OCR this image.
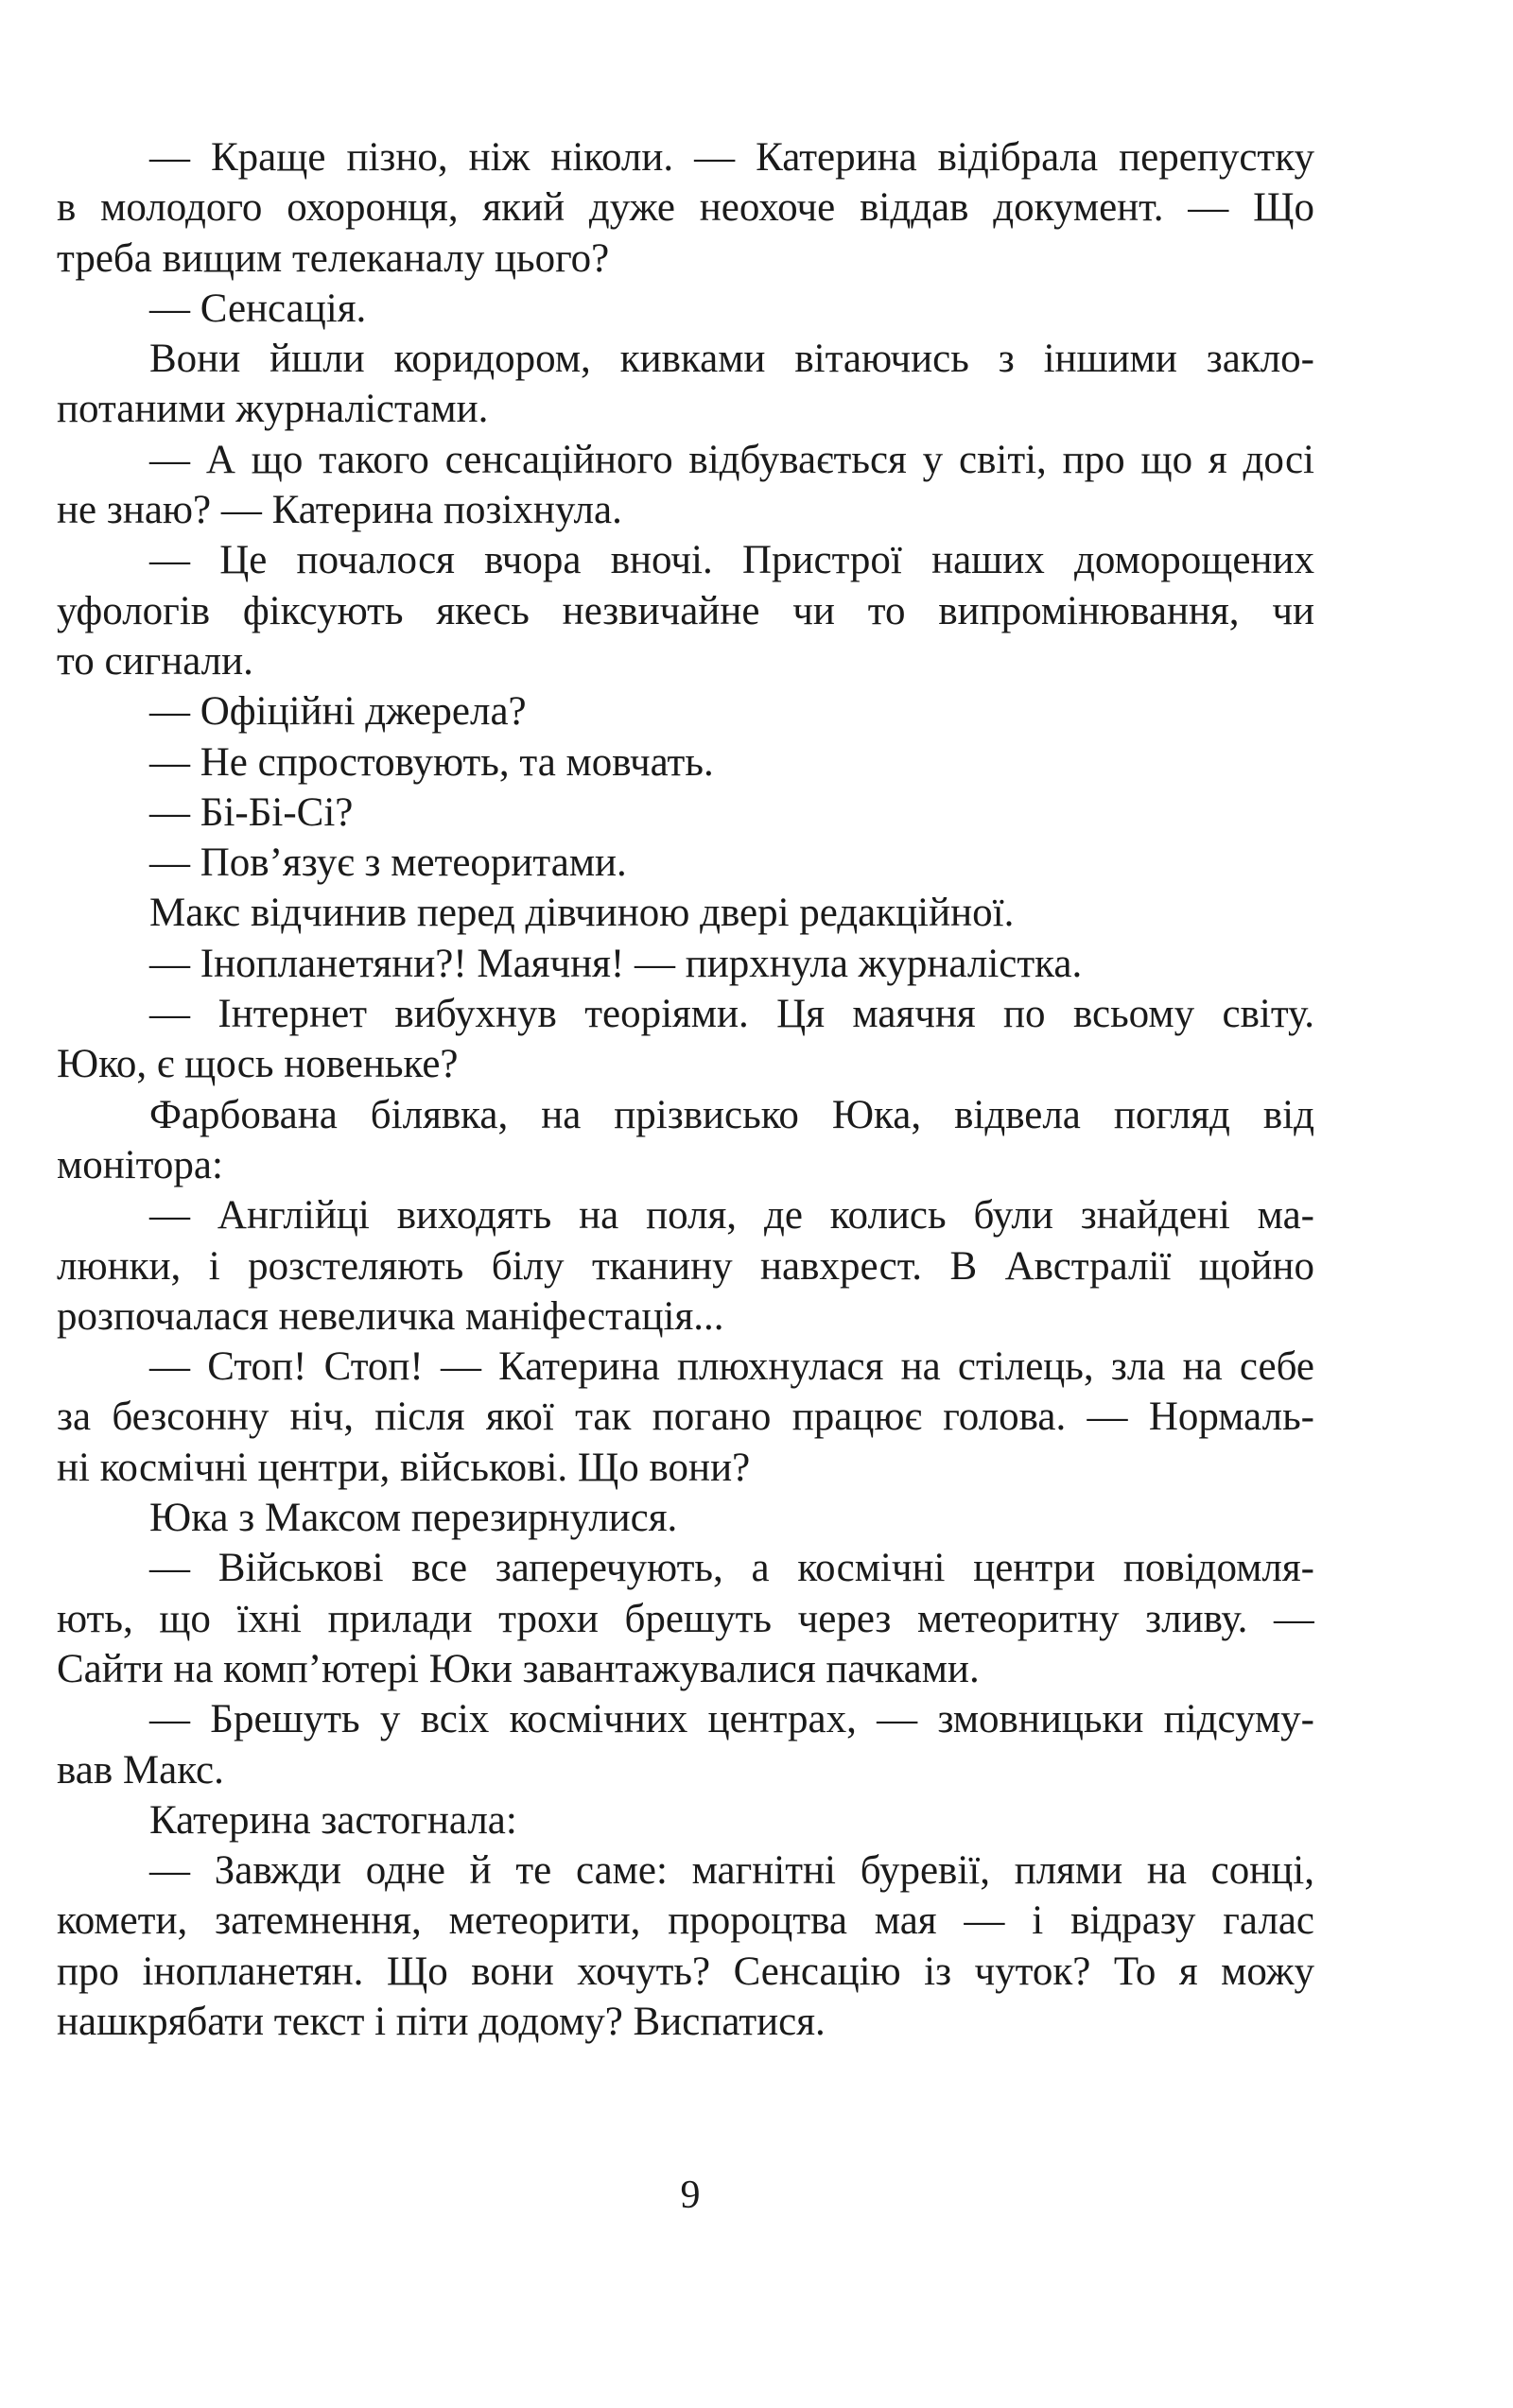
— Краще пізно, ніж ніколи. — Катерина відібрала перепустку
в молодого охоронця, який дуже неохоче віддав документ. — Що
треба вищим телеканалу цього?
— Сенсація.
Вони йшли коридором, кивками вітаючись з іншими закло-
потаними журналістами.
— А що такого сенсаційного відбувається у світі, про що я досі
не знаю? — Катерина позіхнула.
— Це почалося вчора вночі. Пристрої наших доморощених
уфологів фіксують якесь незвичайне чи то випромінювання, чи
то сигнали.
— Офіційні джерела?
— Не спростовують, та мовчать.
— Бі-Бі-Сі?
— Пов’язує з метеоритами.
Макс відчинив перед дівчиною двері редакційної.
— Інопланетяни?! Маячня! — пирхнула журналістка.
— Інтернет вибухнув теоріями. Ця маячня по всьому світу.
Юко, є щось новеньке?
Фарбована білявка, на прізвисько Юка, відвела погляд від
монітора:
— Англійці виходять на поля, де колись були знайдені ма-
люнки, і розстеляють білу тканину навхрест. В Австралії щойно
розпочалася невеличка маніфестація...
— Стоп! Стоп! — Катерина плюхнулася на стілець, зла на себе
за безсонну ніч, після якої так погано працює голова. — Нормаль-
ні космічні центри, військові. Що вони?
Юка з Максом перезирнулися.
— Військові все заперечують, а космічні центри повідомля-
ють, що їхні прилади трохи брешуть через метеоритну зливу. —
Сайти на комп’ютері Юки завантажувалися пачками.
— Брешуть у всіх космічних центрах, — змовницьки підсуму-
вав Макс.
Катерина застогнала:
— Завжди одне й те саме: магнітні буревії, плями на сонці,
комети, затемнення, метеорити, пророцтва мая — і відразу галас
про інопланетян. Що вони хочуть? Сенсацію із чуток? То я можу
нашкрябати текст і піти додому? Виспатися.
9
